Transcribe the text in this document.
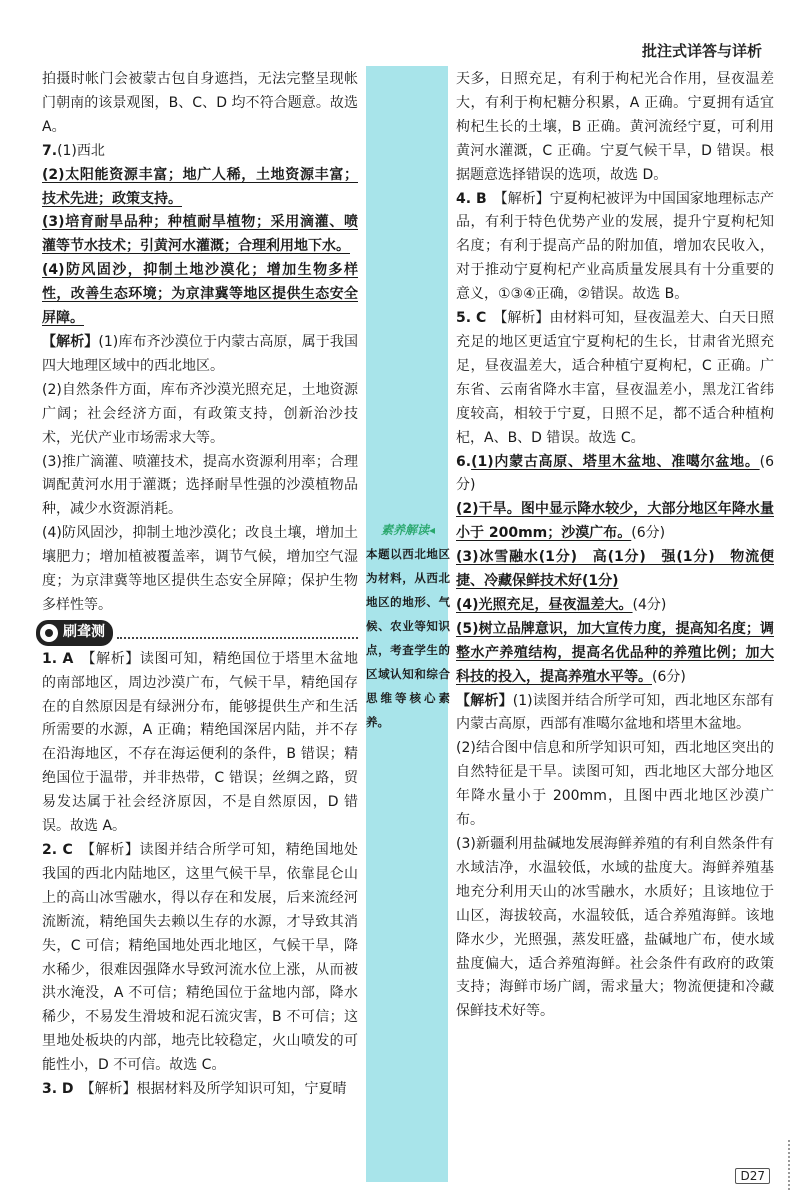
批注式详答与详析
素养解读◂
本题以西北地区为材料，从西北地区的地形、气候、农业等知识点，考查学生的区域认知和综合思维等核心素养。

拍摄时帐门会被蒙古包自身遮挡，无法完整呈现帐门朝南的该景观图，B、C、D 均不符合题意。故选 A。

7.(1)西北

(2)太阳能资源丰富；地广人稀，土地资源丰富；技术先进；政策支持。

(3)培育耐旱品种；种植耐旱植物；采用滴灌、喷灌等节水技术；引黄河水灌溉；合理利用地下水。

(4)防风固沙，抑制土地沙漠化；增加生物多样性，改善生态环境；为京津冀等地区提供生态安全屏障。

【解析】(1)库布齐沙漠位于内蒙古高原，属于我国四大地理区域中的西北地区。

(2)自然条件方面，库布齐沙漠光照充足，土地资源广阔；社会经济方面，有政策支持，创新治沙技术，光伏产业市场需求大等。

(3)推广滴灌、喷灌技术，提高水资源利用率；合理调配黄河水用于灌溉；选择耐旱性强的沙漠植物品种，减少水资源消耗。

(4)防风固沙，抑制土地沙漠化；改良土壤，增加土壤肥力；增加植被覆盖率，调节气候，增加空气湿度；为京津冀等地区提供生态安全屏障；保护生物多样性等。

刷聋测

1. A　 【解析】读图可知，精绝国位于塔里木盆地的南部地区，周边沙漠广布，气候干旱，精绝国存在的自然原因是有绿洲分布，能够提供生产和生活所需要的水源，A 正确；精绝国深居内陆，并不存在沿海地区，不存在海运便利的条件，B 错误；精绝国位于温带，并非热带，C 错误；丝绸之路，贸易发达属于社会经济原因，不是自然原因，D 错误。故选 A。

2. C　 【解析】读图并结合所学可知，精绝国地处我国的西北内陆地区，这里气候干旱，依靠昆仑山上的高山冰雪融水，得以存在和发展，后来流经河流断流，精绝国失去赖以生存的水源，才导致其消失，C 可信；精绝国地处西北地区，气候干旱，降水稀少，很难因强降水导致河流水位上涨，从而被洪水淹没，A 不可信；精绝国位于盆地内部，降水稀少，不易发生滑坡和泥石流灾害，B 不可信；这里地处板块的内部，地壳比较稳定，火山喷发的可能性小，D 不可信。故选 C。

3. D　 【解析】根据材料及所学知识可知，宁夏晴

天多，日照充足，有利于枸杞光合作用，昼夜温差大，有利于枸杞糖分积累，A 正确。宁夏拥有适宜枸杞生长的土壤，B 正确。黄河流经宁夏，可利用黄河水灌溉，C 正确。宁夏气候干旱，D 错误。根据题意选择错误的选项，故选 D。

4. B　 【解析】宁夏枸杞被评为中国国家地理标志产品，有利于特色优势产业的发展，提升宁夏枸杞知名度；有利于提高产品的附加值，增加农民收入，对于推动宁夏枸杞产业高质量发展具有十分重要的意义，①③④正确，②错误。故选 B。

5. C　 【解析】由材料可知，昼夜温差大、白天日照充足的地区更适宜宁夏枸杞的生长，甘肃省光照充足，昼夜温差大，适合种植宁夏枸杞，C 正确。广东省、云南省降水丰富，昼夜温差小，黑龙江省纬度较高，相较于宁夏，日照不足，都不适合种植枸杞，A、B、D 错误。故选 C。

6.(1)内蒙古高原、塔里木盆地、准噶尔盆地。(6分)

(2)干旱。图中显示降水较少，大部分地区年降水量小于 200mm；沙漠广布。(6分)

(3)冰雪融水(1分)　高(1分)　强(1分)　物流便捷、冷藏保鲜技术好(1分)

(4)光照充足，昼夜温差大。(4分)

(5)树立品牌意识，加大宣传力度，提高知名度；调整水产养殖结构，提高名优品种的养殖比例；加大科技的投入，提高养殖水平等。(6分)

【解析】(1)读图并结合所学可知，西北地区东部有内蒙古高原，西部有准噶尔盆地和塔里木盆地。

(2)结合图中信息和所学知识可知，西北地区突出的自然特征是干旱。读图可知，西北地区大部分地区年降水量小于 200mm，且图中西北地区沙漠广布。

(3)新疆利用盐碱地发展海鲜养殖的有利自然条件有水域洁净，水温较低，水域的盐度大。海鲜养殖基地充分利用天山的冰雪融水，水质好；且该地位于山区，海拔较高，水温较低，适合养殖海鲜。该地降水少，光照强，蒸发旺盛，盐碱地广布，使水域盐度偏大，适合养殖海鲜。社会条件有政府的政策支持；海鲜市场广阔，需求量大；物流便捷和冷藏保鲜技术好等。

D27
